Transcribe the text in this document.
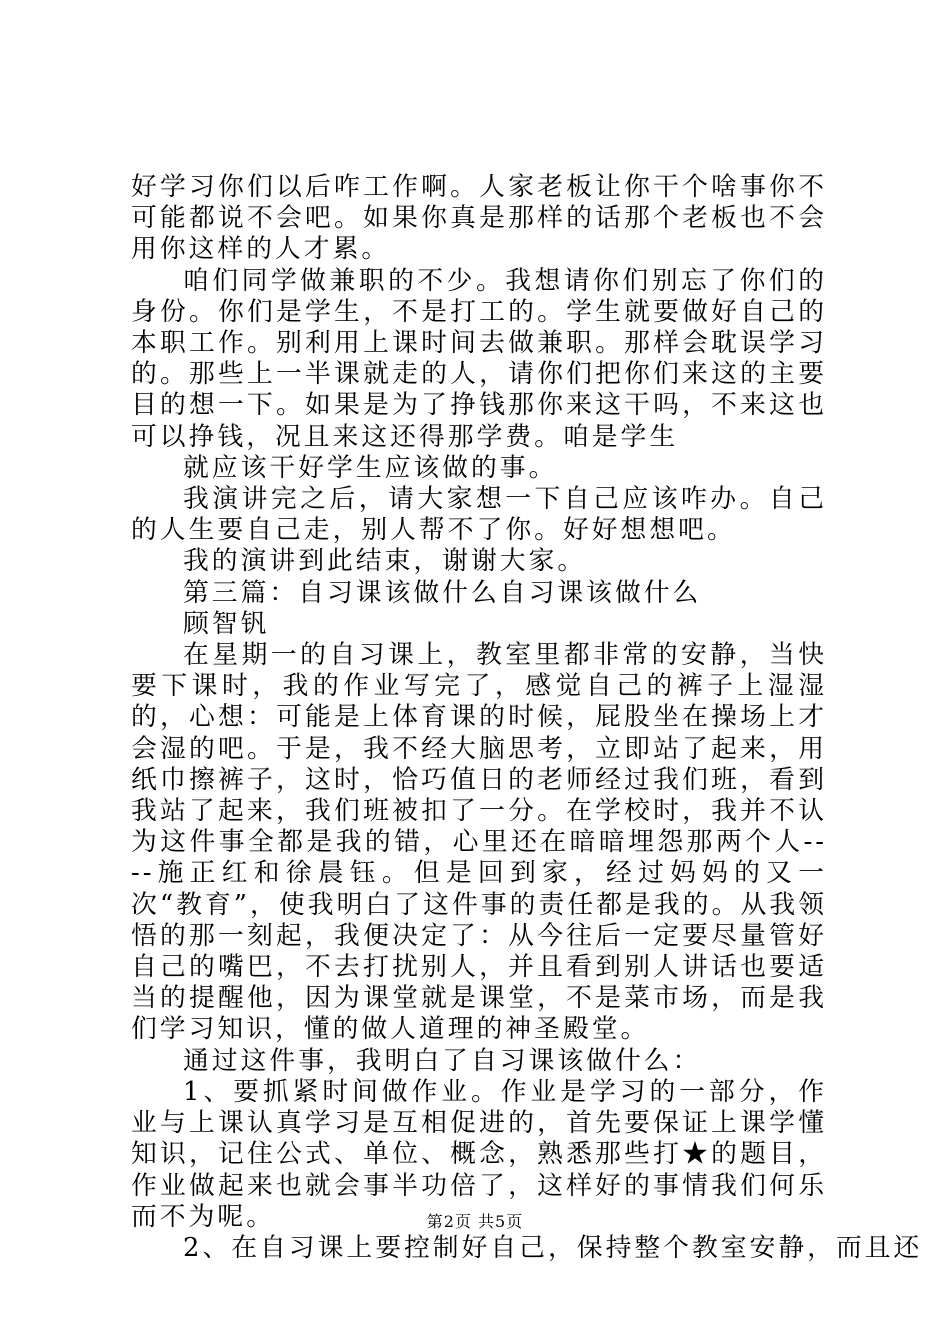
好学习你们以后咋工作啊。人家老板让你干个啥事你不可能都说不会吧。如果你真是那样的话那个老板也不会用你这样的人才累。

咱们同学做兼职的不少。我想请你们别忘了你们的身份。你们是学生，不是打工的。学生就要做好自己的本职工作。别利用上课时间去做兼职。那样会耽误学习的。那些上一半课就走的人，请你们把你们来这的主要目的想一下。如果是为了挣钱那你来这干吗，不来这也可以挣钱，况且来这还得那学费。咱是学生

就应该干好学生应该做的事。

我演讲完之后，请大家想一下自己应该咋办。自己的人生要自己走，别人帮不了你。好好想想吧。

我的演讲到此结束，谢谢大家。

第三篇：自习课该做什么自习课该做什么

顾智钒

在星期一的自习课上，教室里都非常的安静，当快要下课时，我的作业写完了，感觉自己的裤子上湿湿的，心想：可能是上体育课的时候，屁股坐在操场上才会湿的吧。于是，我不经大脑思考，立即站了起来，用纸巾擦裤子，这时，恰巧值日的老师经过我们班，看到我站了起来，我们班被扣了一分。在学校时，我并不认为这件事全都是我的错，心里还在暗暗埋怨那两个人----施正红和徐晨钰。但是回到家，经过妈妈的又一次“教育”，使我明白了这件事的责任都是我的。从我领悟的那一刻起，我便决定了：从今往后一定要尽量管好自己的嘴巴，不去打扰别人，并且看到别人讲话也要适当的提醒他，因为课堂就是课堂，不是菜市场，而是我们学习知识，懂的做人道理的神圣殿堂。

通过这件事，我明白了自习课该做什么：

1、要抓紧时间做作业。作业是学习的一部分，作业与上课认真学习是互相促进的，首先要保证上课学懂知识，记住公式、单位、概念，熟悉那些打★的题目，作业做起来也就会事半功倍了，这样好的事情我们何乐而不为呢。

2、在自习课上要控制好自己，保持整个教室安静，而且还

第2页 共5页
